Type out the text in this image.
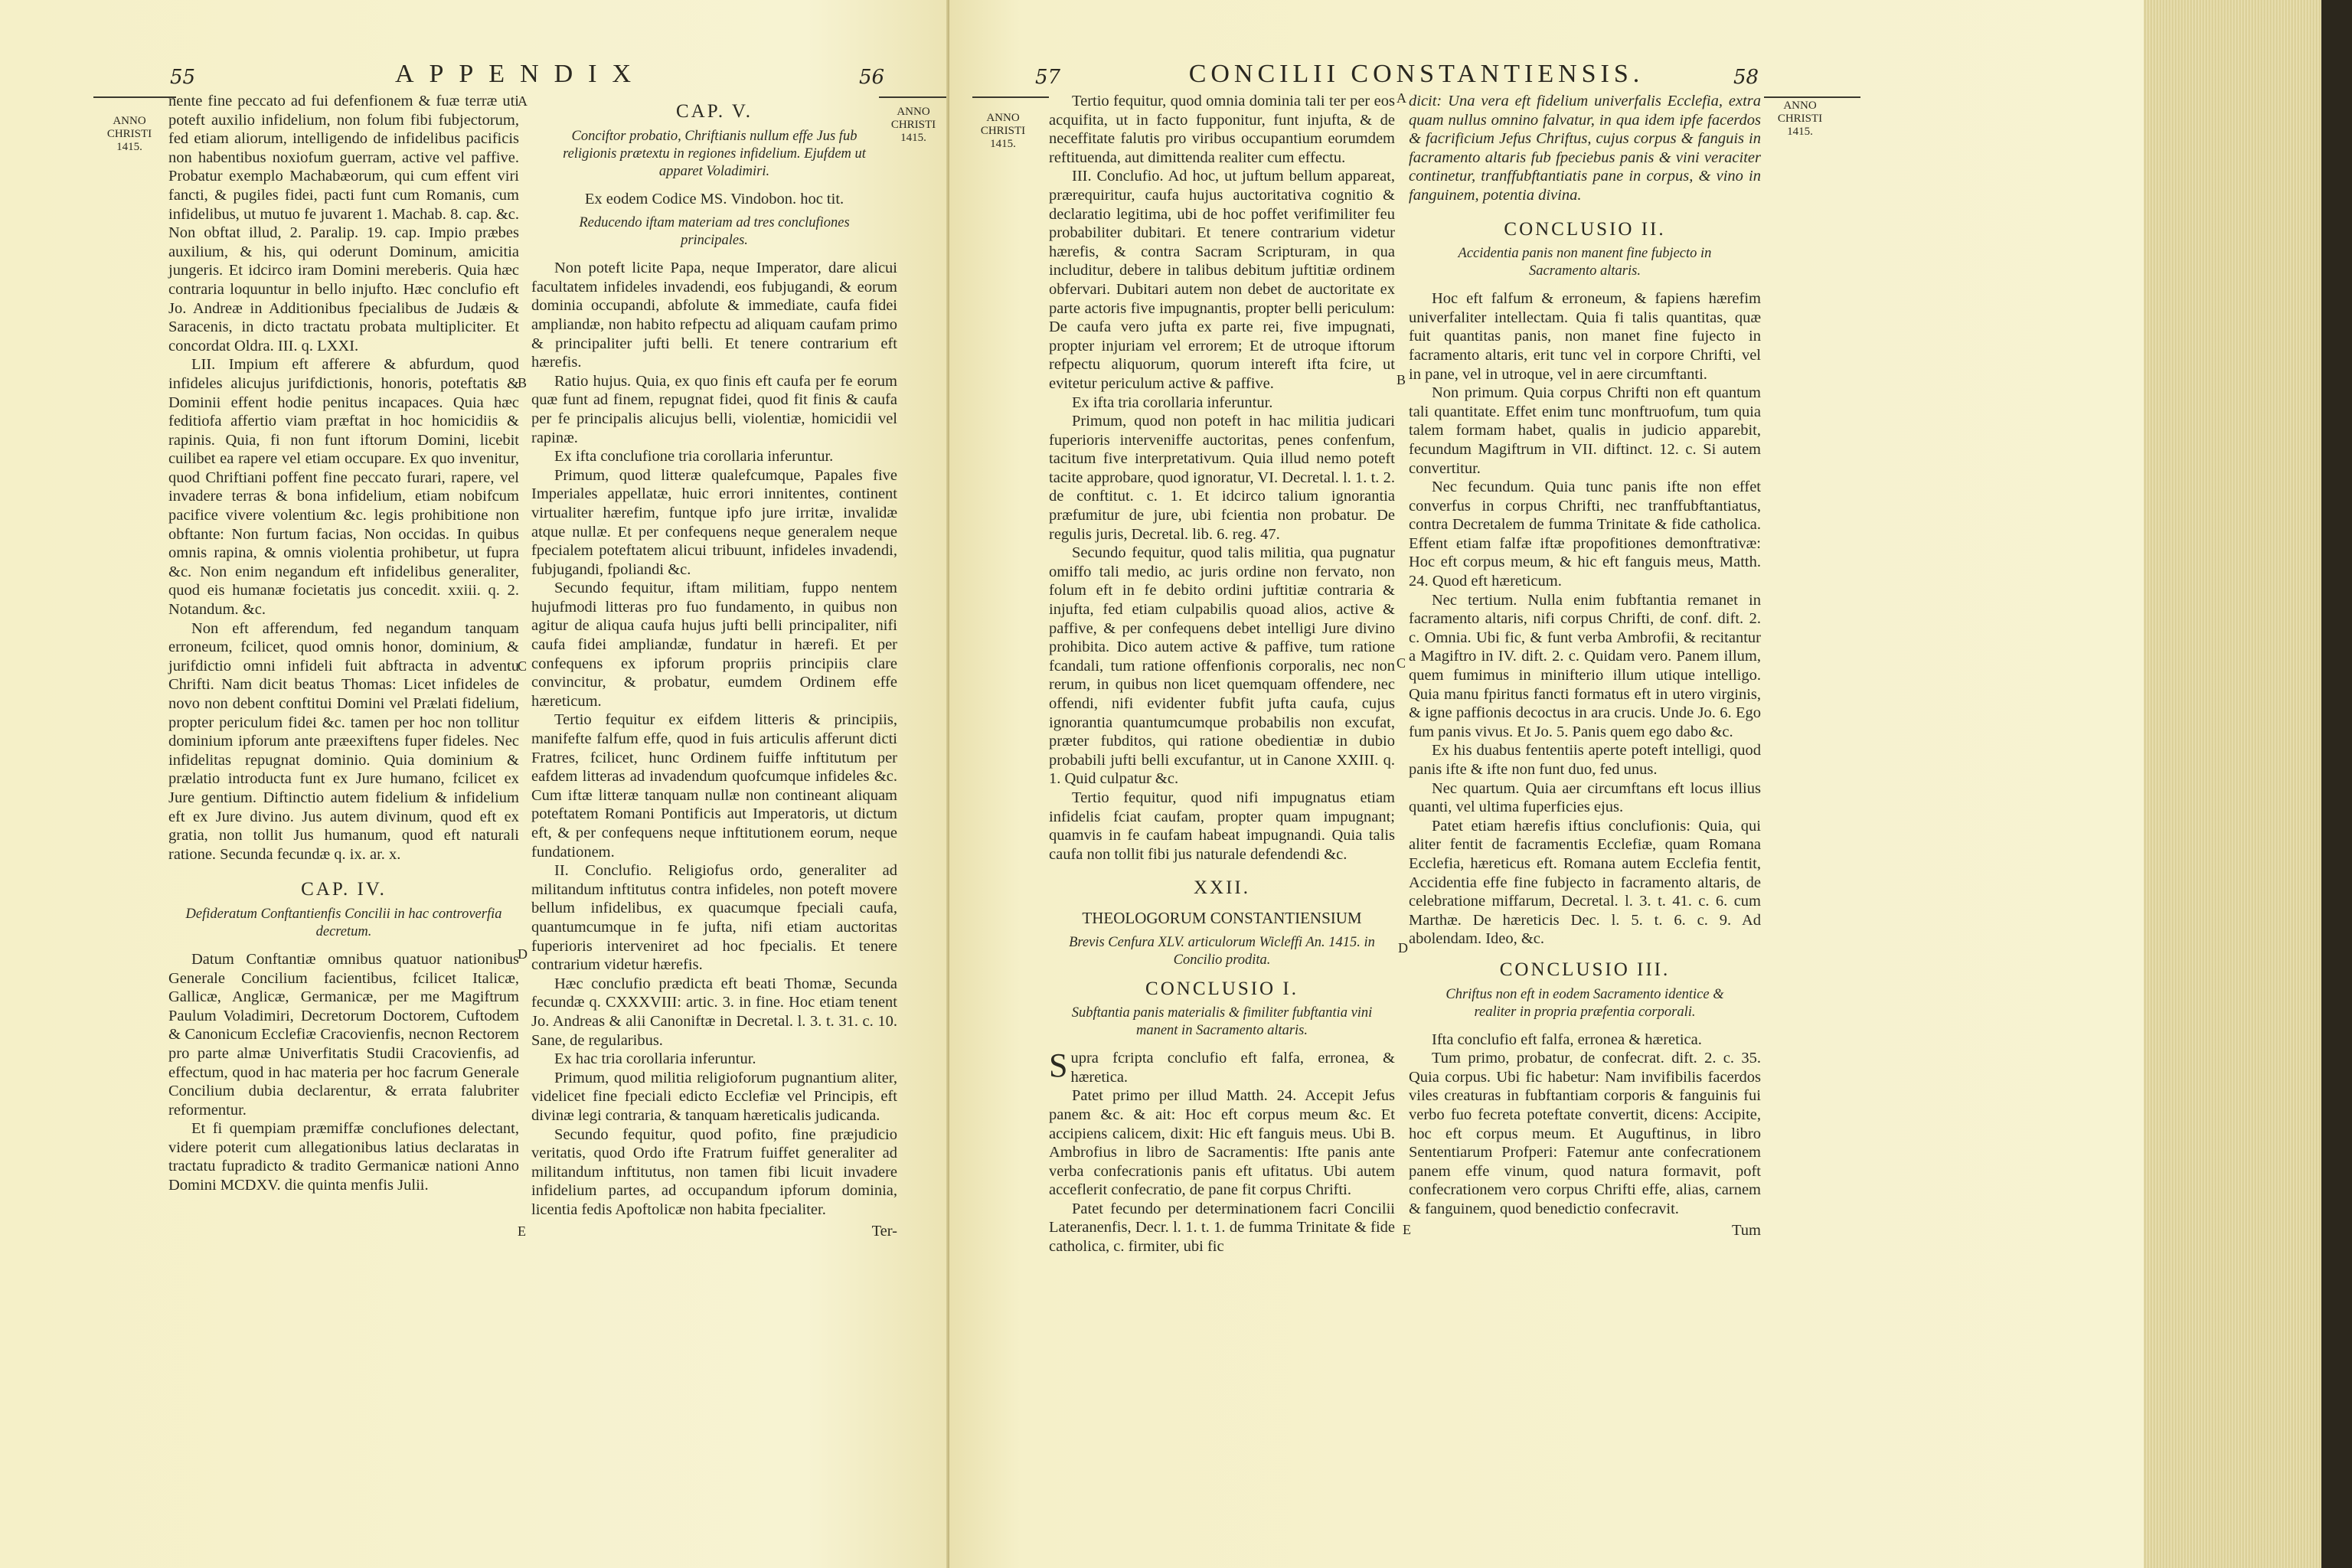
55	APPENDIX	56
ANNO
CHRISTI
1415.
ANNO
CHRISTI
1415.

nente fine peccato ad fui defenfionem & fuæ terræ uti poteft auxilio infidelium, non folum fibi fubjectorum, fed etiam aliorum, intelligendo de infidelibus pacificis non habentibus noxiofum guerram, active vel paffive. Probatur exemplo Machabæorum, qui cum effent viri fancti, & pugiles fidei, pacti funt cum Romanis, cum infidelibus, ut mutuo fe juvarent 1. Machab. 8. cap. &c. Non obftat illud, 2. Paralip. 19. cap. Impio præbes auxilium, & his, qui oderunt Dominum, amicitia jungeris. Et idcirco iram Domini mereberis. Quia hæc contraria loquuntur in bello injufto. Hæc conclufio eft Jo. Andreæ in Additionibus fpecialibus de Judæis & Saracenis, in dicto tractatu probata multipliciter. Et concordat Oldra. III. q. LXXI.

LII. Impium eft afferere & abfurdum, quod infideles alicujus jurifdictionis, honoris, poteftatis & Dominii effent hodie penitus incapaces. Quia hæc feditiofa affertio viam præftat in hoc homicidiis & rapinis. Quia, fi non funt iftorum Domini, licebit cuilibet ea rapere vel etiam occupare. Ex quo invenitur, quod Chriftiani poffent fine peccato furari, rapere, vel invadere terras & bona infidelium, etiam nobifcum pacifice vivere volentium &c. legis prohibitione non obftante: Non furtum facias, Non occidas. In quibus omnis rapina, & omnis violentia prohibetur, ut fupra &c. Non enim negandum eft infidelibus generaliter, quod eis humanæ focietatis jus concedit. xxiii. q. 2. Notandum. &c.

Non eft afferendum, fed negandum tanquam erroneum, fcilicet, quod omnis honor, dominium, & jurifdictio omni infideli fuit abftracta in adventu Chrifti. Nam dicit beatus Thomas: Licet infideles de novo non debent conftitui Domini vel Prælati fidelium, propter periculum fidei &c. tamen per hoc non tollitur dominium ipforum ante præexiftens fuper fideles. Nec infidelitas repugnat dominio. Quia dominium & prælatio introducta funt ex Jure humano, fcilicet ex Jure gentium. Diftinctio autem fidelium & infidelium eft ex Jure divino. Jus autem divinum, quod eft ex gratia, non tollit Jus humanum, quod eft naturali ratione. Secunda fecundæ q. ix. ar. x.

CAP. IV.
Defideratum Conftantienfis Concilii in hac controverfia decretum.

Datum Conftantiæ omnibus quatuor nationibus Generale Concilium facientibus, fcilicet Italicæ, Gallicæ, Anglicæ, Germanicæ, per me Magiftrum Paulum Voladimiri, Decretorum Doctorem, Cuftodem & Canonicum Ecclefiæ Cracovienfis, necnon Rectorem pro parte almæ Univerfitatis Studii Cracovienfis, ad effectum, quod in hac materia per hoc facrum Generale Concilium dubia declarentur, & errata falubriter reformentur.

Et fi quempiam præmiffæ conclufiones delectant, videre poterit cum allegationibus latius declaratas in tractatu fupradicto & tradito Germanicæ nationi Anno Domini MCDXV. die quinta menfis Julii.

CAP. V.
Conciftor probatio, Chriftianis nullum effe Jus fub religionis prætextu in regiones infidelium. Ejufdem ut apparet Voladimiri.
Ex eodem Codice MS. Vindobon. hoc tit.
Reducendo iftam materiam ad tres conclufiones principales.

Non poteft licite Papa, neque Imperator, dare alicui facultatem infideles invadendi, eos fubjugandi, & eorum dominia occupandi, abfolute & immediate, caufa fidei ampliandæ, non habito refpectu ad aliquam caufam primo & principaliter jufti belli. Et tenere contrarium eft hærefis.

Ratio hujus. Quia, ex quo finis eft caufa per fe eorum quæ funt ad finem, repugnat fidei, quod fit finis & caufa per fe principalis alicujus belli, violentiæ, homicidii vel rapinæ.

Ex ifta conclufione tria corollaria inferuntur.

Primum, quod litteræ qualefcumque, Papales five Imperiales appellatæ, huic errori innitentes, continent virtualiter hærefim, funtque ipfo jure irritæ, invalidæ atque nullæ. Et per confequens neque generalem neque fpecialem poteftatem alicui tribuunt, infideles invadendi, fubjugandi, fpoliandi &c.

Secundo fequitur, iftam militiam, fuppo nentem hujufmodi litteras pro fuo fundamento, in quibus non agitur de aliqua caufa hujus jufti belli principaliter, nifi caufa fidei ampliandæ, fundatur in hærefi. Et per confequens ex ipforum propriis principiis clare convincitur, & probatur, eumdem Ordinem effe hæreticum.

Tertio fequitur ex eifdem litteris & principiis, manifefte falfum effe, quod in fuis articulis afferunt dicti Fratres, fcilicet, hunc Ordinem fuiffe inftitutum per eafdem litteras ad invadendum quofcumque infideles &c. Cum iftæ litteræ tanquam nullæ non contineant aliquam poteftatem Romani Pontificis aut Imperatoris, ut dictum eft, & per confequens neque inftitutionem eorum, neque fundationem.

II. Conclufio. Religiofus ordo, generaliter ad militandum inftitutus contra infideles, non poteft movere bellum infidelibus, ex quacumque fpeciali caufa, quantumcumque in fe jufta, nifi etiam auctoritas fuperioris interveniret ad hoc fpecialis. Et tenere contrarium videtur hærefis.

Hæc conclufio prædicta eft beati Thomæ, Secunda fecundæ q. CXXXVIII: artic. 3. in fine. Hoc etiam tenent Jo. Andreas & alii Canoniftæ in Decretal. l. 3. t. 31. c. 10. Sane, de regularibus.

Ex hac tria corollaria inferuntur.

Primum, quod militia religioforum pugnantium aliter, videlicet fine fpeciali edicto Ecclefiæ vel Principis, eft divinæ legi contraria, & tanquam hæreticalis judicanda.

Secundo fequitur, quod pofito, fine præjudicio veritatis, quod Ordo ifte Fratrum fuiffet generaliter ad militandum inftitutus, non tamen fibi licuit invadere infidelium partes, ad occupandum ipforum dominia, licentia fedis Apoftolicæ non habita fpecialiter.

Ter-
A
B
C
D
E
57	CONCILII CONSTANTIENSIS.	58
ANNO
CHRISTI
1415.
ANNO
CHRISTI
1415.

Tertio fequitur, quod omnia dominia tali ter per eos acquifita, ut in facto fupponitur, funt injufta, & de neceffitate falutis pro viribus occupantium eorumdem reftituenda, aut dimittenda realiter cum effectu.

III. Conclufio. Ad hoc, ut juftum bellum appareat, prærequiritur, caufa hujus auctoritativa cognitio & declaratio legitima, ubi de hoc poffet verifimiliter feu probabiliter dubitari. Et tenere contrarium videtur hærefis, & contra Sacram Scripturam, in qua includitur, debere in talibus debitum juftitiæ ordinem obfervari. Dubitari autem non debet de auctoritate ex parte actoris five impugnantis, propter belli periculum: De caufa vero jufta ex parte rei, five impugnati, propter injuriam vel errorem; Et de utroque iftorum refpectu aliquorum, quorum intereft ifta fcire, ut evitetur periculum active & paffive.

Ex ifta tria corollaria inferuntur.

Primum, quod non poteft in hac militia judicari fuperioris interveniffe auctoritas, penes confenfum, tacitum five interpretativum. Quia illud nemo poteft tacite approbare, quod ignoratur, VI. Decretal. l. 1. t. 2. de conftitut. c. 1. Et idcirco talium ignorantia præfumitur de jure, ubi fcientia non probatur. De regulis juris, Decretal. lib. 6. reg. 47.

Secundo fequitur, quod talis militia, qua pugnatur omiffo tali medio, ac juris ordine non fervato, non folum eft in fe debito ordini juftitiæ contraria & injufta, fed etiam culpabilis quoad alios, active & paffive, & per confequens debet intelligi Jure divino prohibita. Dico autem active & paffive, tum ratione fcandali, tum ratione offenfionis corporalis, nec non rerum, in quibus non licet quemquam offendere, nec offendi, nifi evidenter fubfit jufta caufa, cujus ignorantia quantumcumque probabilis non excufat, præter fubditos, qui ratione obedientiæ in dubio probabili jufti belli excufantur, ut in Canone XXIII. q. 1. Quid culpatur &c.

Tertio fequitur, quod nifi impugnatus etiam infidelis fciat caufam, propter quam impugnant; quamvis in fe caufam habeat impugnandi. Quia talis caufa non tollit fibi jus naturale defendendi &c.

XXII.
THEOLOGORUM CONSTANTIENSIUM
Brevis Cenfura XLV. articulorum Wicleffi An. 1415. in Concilio prodita.
CONCLUSIO I.
Subftantia panis materialis & fimiliter fubftantia vini manent in Sacramento altaris.

Supra fcripta conclufio eft falfa, erronea, & hæretica.

Patet primo per illud Matth. 24. Accepit Jefus panem &c. & ait: Hoc eft corpus meum &c. Et accipiens calicem, dixit: Hic eft fanguis meus. Ubi B. Ambrofius in libro de Sacramentis: Ifte panis ante verba confecrationis panis eft ufitatus. Ubi autem acceflerit confecratio, de pane fit corpus Chrifti.

Patet fecundo per determinationem facri Concilii Lateranenfis, Decr. l. 1. t. 1. de fumma Trinitate & fide catholica, c. firmiter, ubi fic

dicit: Una vera eft fidelium univerfalis Ecclefia, extra quam nullus omnino falvatur, in qua idem ipfe facerdos & facrificium Jefus Chriftus, cujus corpus & fanguis in facramento altaris fub fpeciebus panis & vini veraciter continetur, tranffubftantiatis pane in corpus, & vino in fanguinem, potentia divina.

CONCLUSIO II.
Accidentia panis non manent fine fubjecto in Sacramento altaris.

Hoc eft falfum & erroneum, & fapiens hærefim univerfaliter intellectam. Quia fi talis quantitas, quæ fuit quantitas panis, non manet fine fujecto in facramento altaris, erit tunc vel in corpore Chrifti, vel in pane, vel in utroque, vel in aere circumftanti.

Non primum. Quia corpus Chrifti non eft quantum tali quantitate. Effet enim tunc monftruofum, tum quia talem formam habet, qualis in judicio apparebit, fecundum Magiftrum in VII. diftinct. 12. c. Si autem convertitur.

Nec fecundum. Quia tunc panis ifte non effet converfus in corpus Chrifti, nec tranffubftantiatus, contra Decretalem de fumma Trinitate & fide catholica. Effent etiam falfæ iftæ propofitiones demonftrativæ: Hoc eft corpus meum, & hic eft fanguis meus, Matth. 24. Quod eft hæreticum.

Nec tertium. Nulla enim fubftantia remanet in facramento altaris, nifi corpus Chrifti, de conf. dift. 2. c. Omnia. Ubi fic, & funt verba Ambrofii, & recitantur a Magiftro in IV. dift. 2. c. Quidam vero. Panem illum, quem fumimus in minifterio illum utique intelligo. Quia manu fpiritus fancti formatus eft in utero virginis, & igne paffionis decoctus in ara crucis. Unde Jo. 6. Ego fum panis vivus. Et Jo. 5. Panis quem ego dabo &c.

Ex his duabus fententiis aperte poteft intelligi, quod panis ifte & ifte non funt duo, fed unus.

Nec quartum. Quia aer circumftans eft locus illius quanti, vel ultima fuperficies ejus.

Patet etiam hærefis iftius conclufionis: Quia, qui aliter fentit de facramentis Ecclefiæ, quam Romana Ecclefia, hæreticus eft. Romana autem Ecclefia fentit, Accidentia effe fine fubjecto in facramento altaris, de celebratione miffarum, Decretal. l. 3. t. 41. c. 6. cum Marthæ. De hæreticis Dec. l. 5. t. 6. c. 9. Ad abolendam. Ideo, &c.

CONCLUSIO III.
Chriftus non eft in eodem Sacramento identice & realiter in propria præfentia corporali.

Ifta conclufio eft falfa, erronea & hæretica.

Tum primo, probatur, de confecrat. dift. 2. c. 35. Quia corpus. Ubi fic habetur: Nam invifibilis facerdos viles creaturas in fubftantiam corporis & fanguinis fui verbo fuo fecreta poteftate convertit, dicens: Accipite, hoc eft corpus meum. Et Auguftinus, in libro Sententiarum Profperi: Fatemur ante confecrationem panem effe vinum, quod natura formavit, poft confecrationem vero corpus Chrifti effe, alias, carnem & fanguinem, quod benedictio confecravit.

Tum
A
B
C
D
E
